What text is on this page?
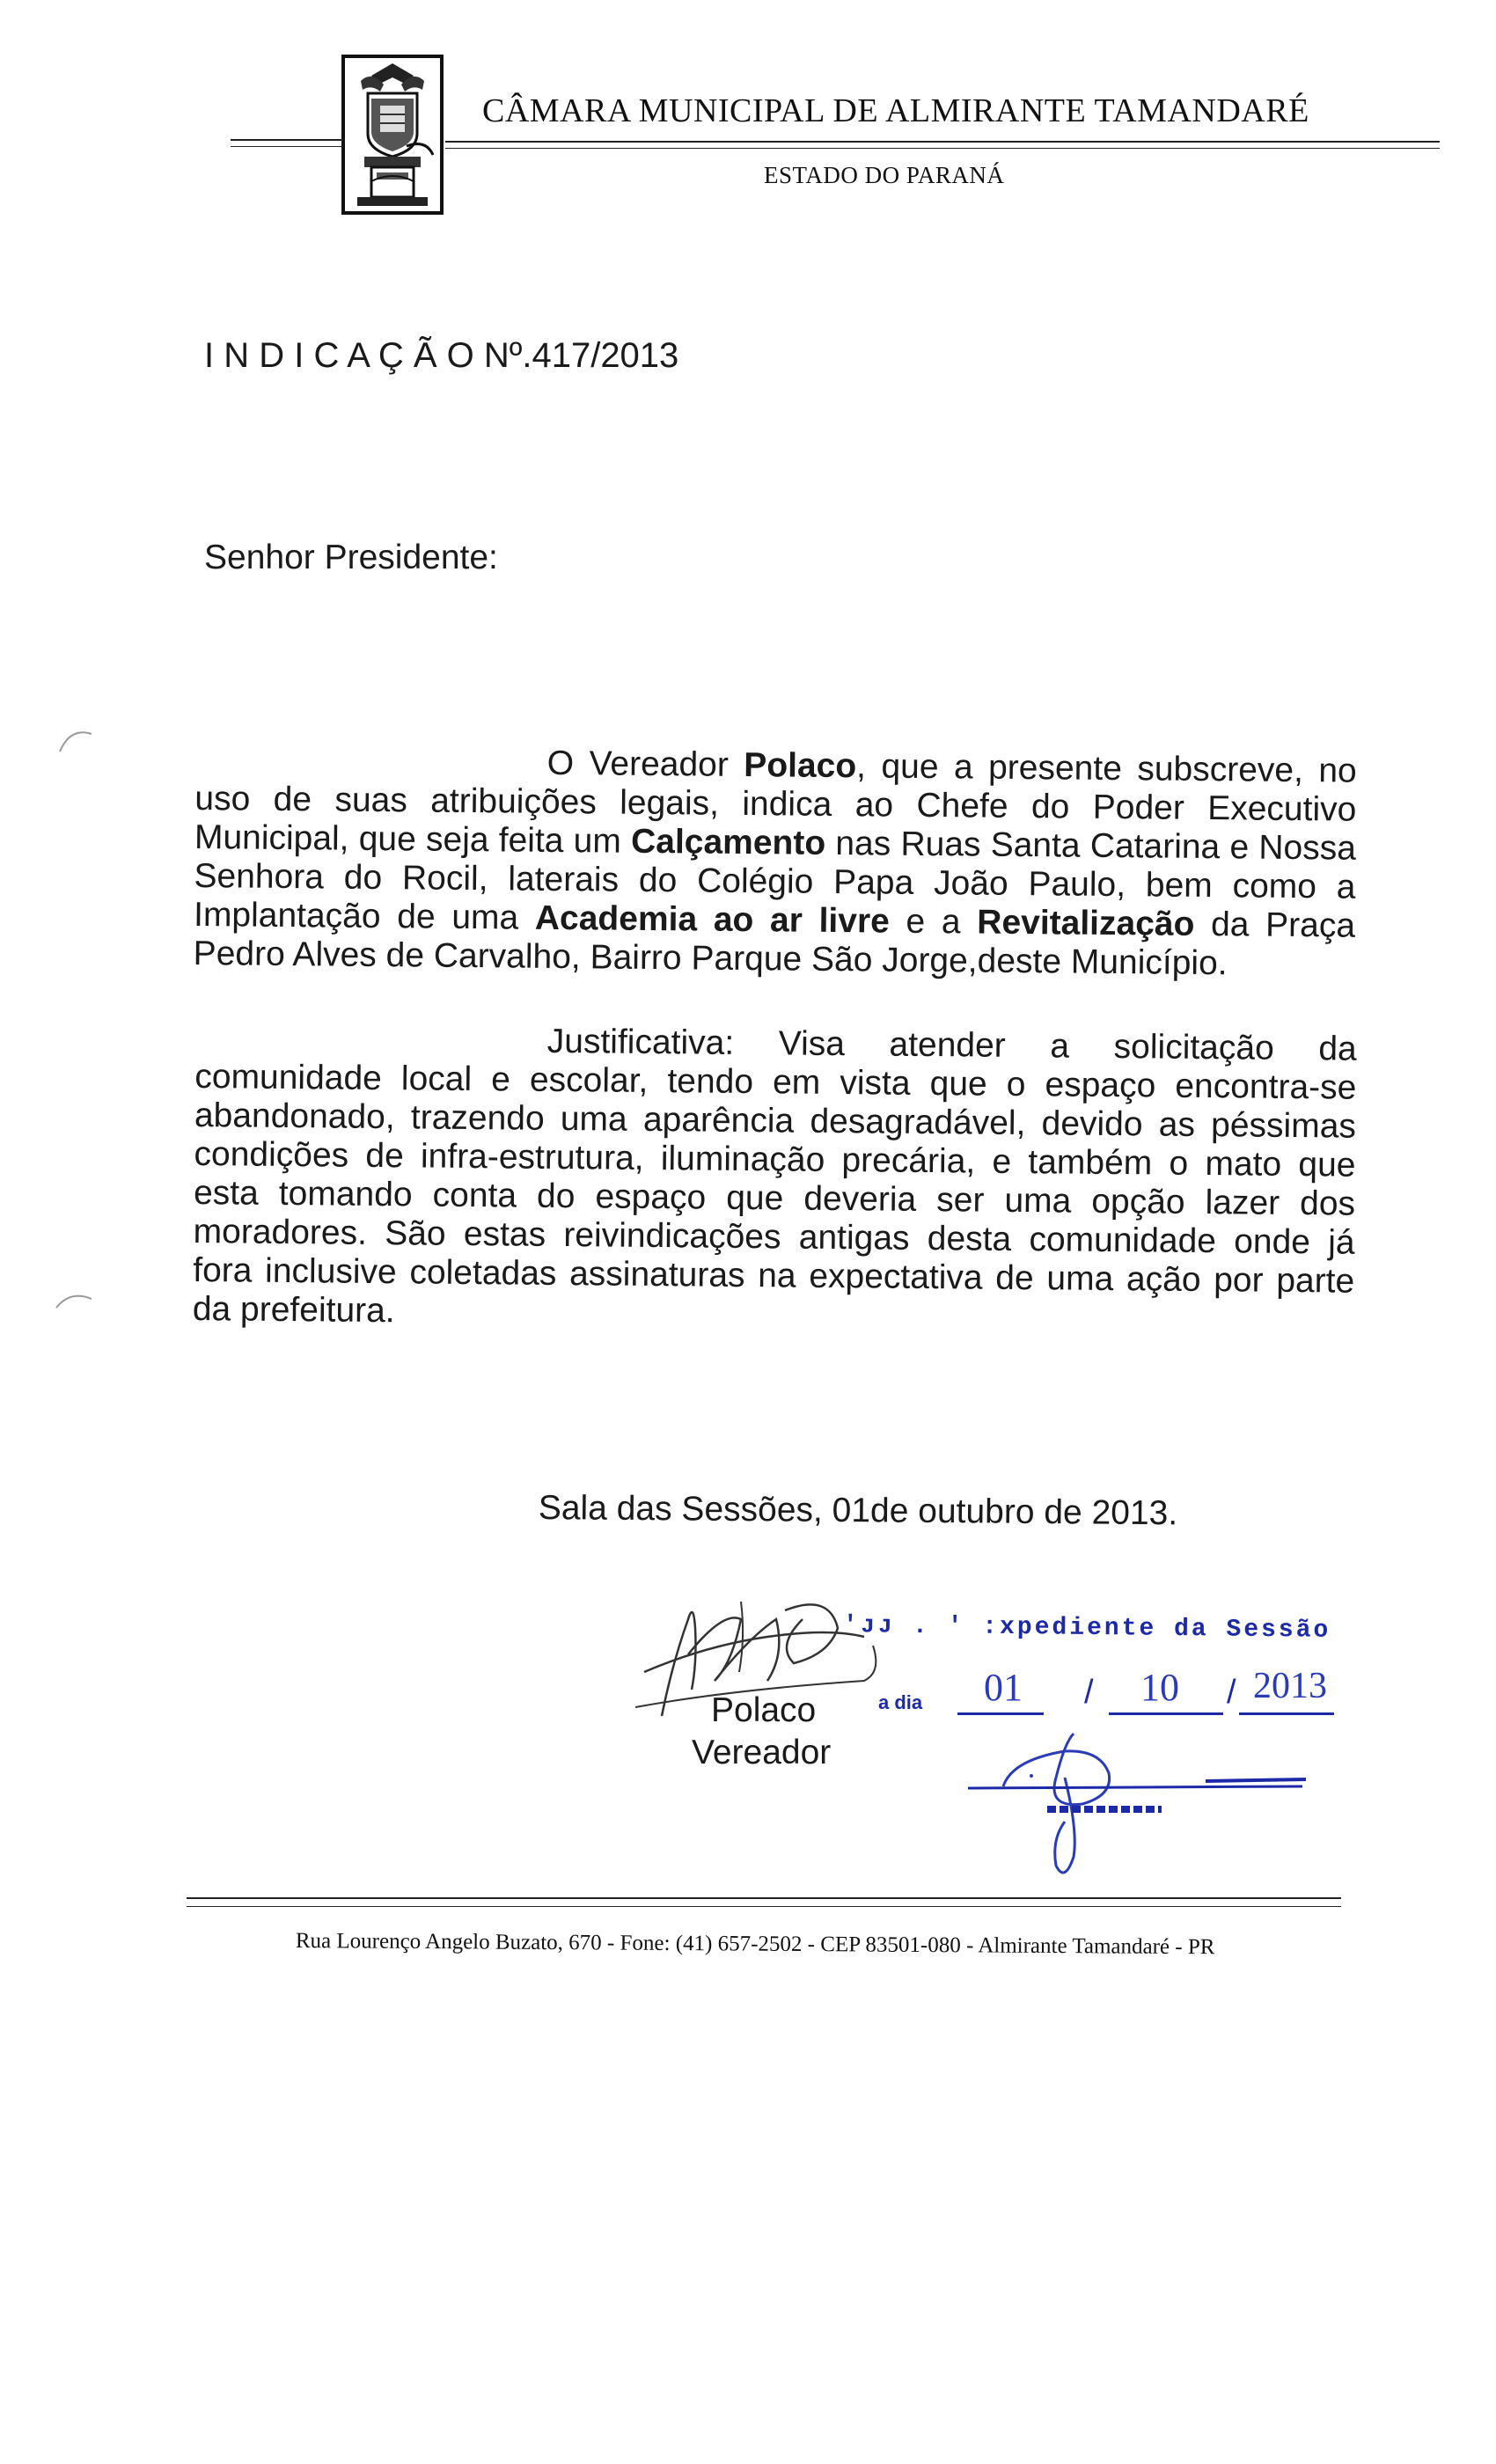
CÂMARA MUNICIPAL DE ALMIRANTE TAMANDARÉ
ESTADO DO PARANÁ
I N D I C A Ç Ã O Nº.417/2013
Senhor Presidente:
O Vereador Polaco, que a presente subscreve, no uso de suas atribuições legais, indica ao Chefe do Poder Executivo Municipal, que seja feita um Calçamento nas Ruas Santa Catarina e Nossa Senhora do Rocil, laterais do Colégio Papa João Paulo, bem como a Implantação de uma Academia ao ar livre e a Revitalização da Praça Pedro Alves de Carvalho, Bairro Parque São Jorge,deste Município.
Justificativa: Visa atender a solicitação da comunidade local e escolar, tendo em vista que o espaço encontra-se abandonado, trazendo uma aparência desagradável, devido as péssimas condições de infra-estrutura, iluminação precária, e também o mato que esta tomando conta do espaço que deveria ser uma opção lazer dos moradores. São estas reivindicações antigas desta comunidade onde já fora inclusive coletadas assinaturas na expectativa de uma ação por parte da prefeitura.
Sala das Sessões, 01de outubro de 2013.
Polaco
Vereador
'ᴊᴊ . ' :xpediente da Sessão
a dia	/	/
01	10 2013
Rua Lourenço Angelo Buzato, 670 - Fone: (41) 657-2502 - CEP 83501-080 - Almirante Tamandaré - PR
